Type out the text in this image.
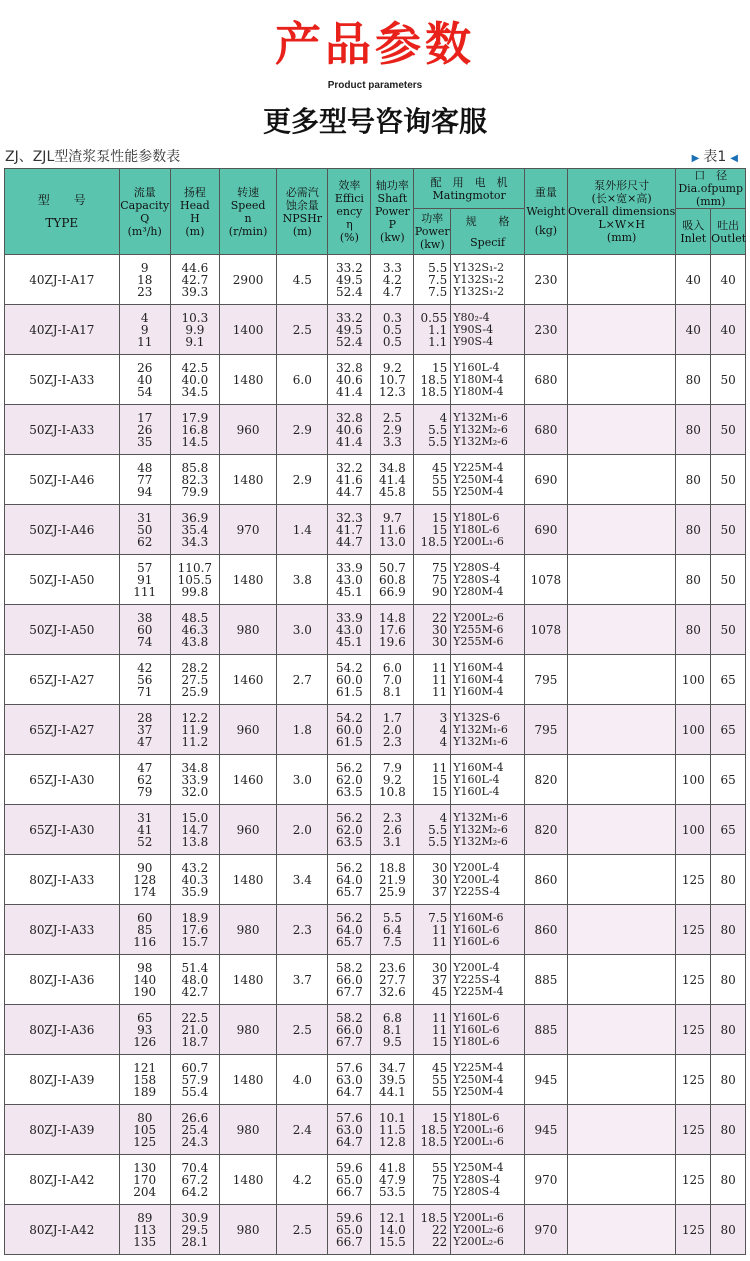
产品参数
Product parameters
更多型号咨询客服
ZJ、ZJL型渣浆泵性能参数表	▶ 表1 ◀
型　　号
TYPE	流量
Capacity
Q
(m³/h)	扬程
Head
H
(m)	转速
Speed
n
(r/min)	必需汽
蚀余量
NPSHr
(m)	效率
Effici
ency
η
(%)	轴功率
Shaft
Power
P
(kw)	配　用　电　机
Matingmotor		重量
Weight
(kg)	泵外形尺寸
(长×宽×高)
Overall dimensions
L×W×H
(mm)	口　径
Dia.ofpump
(mm)	

							功率
Power
(kw)	规　　格
Specif			吸入
Inlet	吐出
Outlet

40ZJ-I-A17	9
18
23	44.6
42.7
39.3	2900	4.5	33.2
49.5
52.4	3.3
4.2
4.7	5.5
7.5
7.5	Y132S₁-2
Y132S₁-2
Y132S₁-2	230		40	40
40ZJ-I-A17	4
9
11	10.3
9.9
9.1	1400	2.5	33.2
49.5
52.4	0.3
0.5
0.5	0.55
1.1
1.1	Y80₂-4
Y90S-4
Y90S-4	230		40	40
50ZJ-I-A33	26
40
54	42.5
40.0
34.5	1480	6.0	32.8
40.6
41.4	9.2
10.7
12.3	15
18.5
18.5	Y160L-4
Y180M-4
Y180M-4	680		80	50
50ZJ-I-A33	17
26
35	17.9
16.8
14.5	960	2.9	32.8
40.6
41.4	2.5
2.9
3.3	4
5.5
5.5	Y132M₁-6
Y132M₂-6
Y132M₂-6	680		80	50
50ZJ-I-A46	48
77
94	85.8
82.3
79.9	1480	2.9	32.2
41.6
44.7	34.8
41.4
45.8	45
55
55	Y225M-4
Y250M-4
Y250M-4	690		80	50
50ZJ-I-A46	31
50
62	36.9
35.4
34.3	970	1.4	32.3
41.7
44.7	9.7
11.6
13.0	15
15
18.5	Y180L-6
Y180L-6
Y200L₁-6	690		80	50
50ZJ-I-A50	57
91
111	110.7
105.5
99.8	1480	3.8	33.9
43.0
45.1	50.7
60.8
66.9	75
75
90	Y280S-4
Y280S-4
Y280M-4	1078		80	50
50ZJ-I-A50	38
60
74	48.5
46.3
43.8	980	3.0	33.9
43.0
45.1	14.8
17.6
19.6	22
30
30	Y200L₂-6
Y255M-6
Y255M-6	1078		80	50
65ZJ-I-A27	42
56
71	28.2
27.5
25.9	1460	2.7	54.2
60.0
61.5	6.0
7.0
8.1	11
11
11	Y160M-4
Y160M-4
Y160M-4	795		100	65
65ZJ-I-A27	28
37
47	12.2
11.9
11.2	960	1.8	54.2
60.0
61.5	1.7
2.0
2.3	3
4
4	Y132S-6
Y132M₁-6
Y132M₁-6	795		100	65
65ZJ-I-A30	47
62
79	34.8
33.9
32.0	1460	3.0	56.2
62.0
63.5	7.9
9.2
10.8	11
15
15	Y160M-4
Y160L-4
Y160L-4	820		100	65
65ZJ-I-A30	31
41
52	15.0
14.7
13.8	960	2.0	56.2
62.0
63.5	2.3
2.6
3.1	4
5.5
5.5	Y132M₁-6
Y132M₂-6
Y132M₂-6	820		100	65
80ZJ-I-A33	90
128
174	43.2
40.3
35.9	1480	3.4	56.2
64.0
65.7	18.8
21.9
25.9	30
30
37	Y200L-4
Y200L-4
Y225S-4	860		125	80
80ZJ-I-A33	60
85
116	18.9
17.6
15.7	980	2.3	56.2
64.0
65.7	5.5
6.4
7.5	7.5
11
11	Y160M-6
Y160L-6
Y160L-6	860		125	80
80ZJ-I-A36	98
140
190	51.4
48.0
42.7	1480	3.7	58.2
66.0
67.7	23.6
27.7
32.6	30
37
45	Y200L-4
Y225S-4
Y225M-4	885		125	80
80ZJ-I-A36	65
93
126	22.5
21.0
18.7	980	2.5	58.2
66.0
67.7	6.8
8.1
9.5	11
11
15	Y160L-6
Y160L-6
Y180L-6	885		125	80
80ZJ-I-A39	121
158
189	60.7
57.9
55.4	1480	4.0	57.6
63.0
64.7	34.7
39.5
44.1	45
55
55	Y225M-4
Y250M-4
Y250M-4	945		125	80
80ZJ-I-A39	80
105
125	26.6
25.4
24.3	980	2.4	57.6
63.0
64.7	10.1
11.5
12.8	15
18.5
18.5	Y180L-6
Y200L₁-6
Y200L₁-6	945		125	80
80ZJ-I-A42	130
170
204	70.4
67.2
64.2	1480	4.2	59.6
65.0
66.7	41.8
47.9
53.5	55
75
75	Y250M-4
Y280S-4
Y280S-4	970		125	80
80ZJ-I-A42	89
113
135	30.9
29.5
28.1	980	2.5	59.6
65.0
66.7	12.1
14.0
15.5	18.5
22
22	Y200L₁-6
Y200L₂-6
Y200L₂-6	970		125	80
